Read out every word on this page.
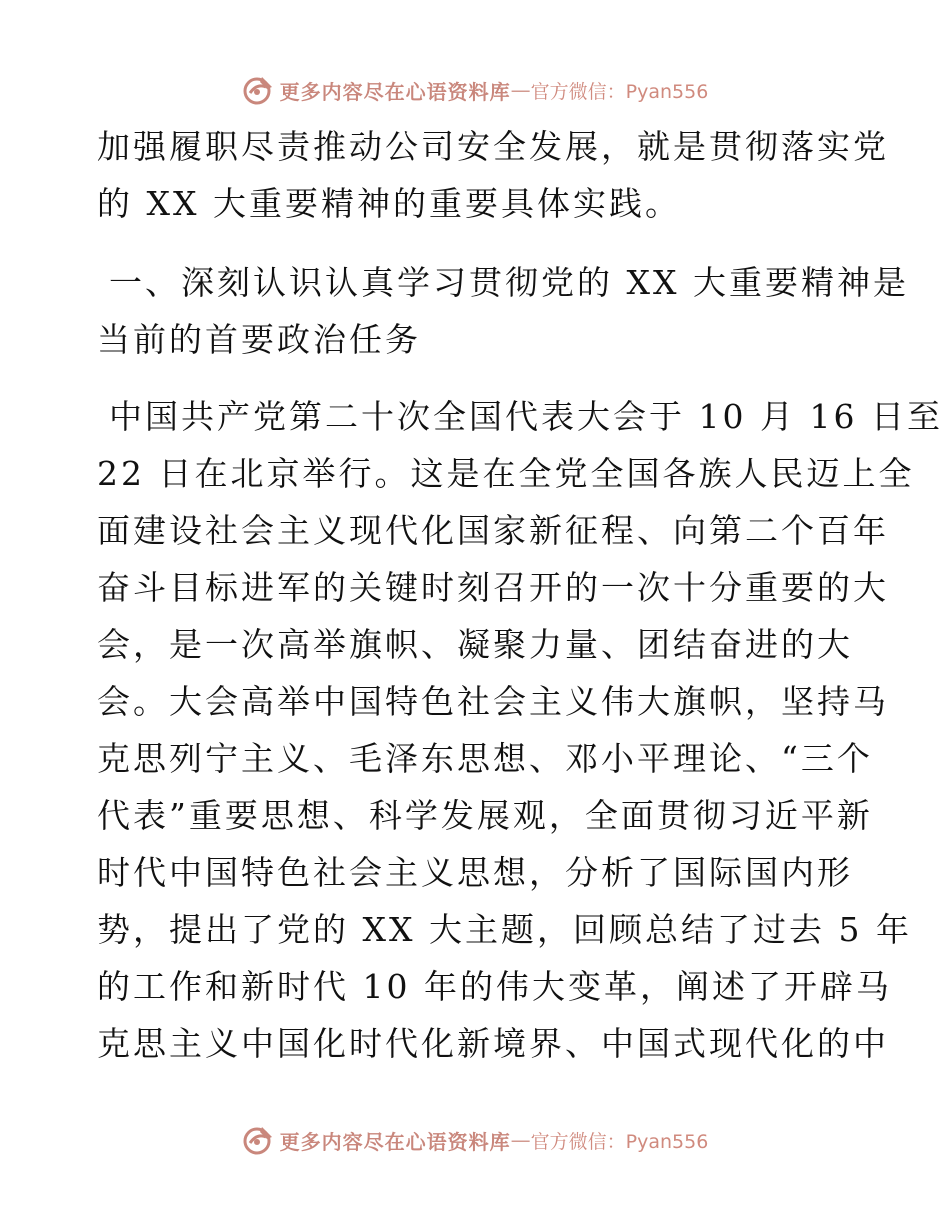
更多内容尽在心语资料库 — 官方微信：Pyan556
加强履职尽责推动公司安全发展，就是贯彻落实党
的 XX 大重要精神的重要具体实践。
一、深刻认识认真学习贯彻党的 XX 大重要精神是
当前的首要政治任务
中国共产党第二十次全国代表大会于 10 月 16 日至
22 日在北京举行。这是在全党全国各族人民迈上全
面建设社会主义现代化国家新征程、向第二个百年
奋斗目标进军的关键时刻召开的一次十分重要的大
会，是一次高举旗帜、凝聚力量、团结奋进的大
会。大会高举中国特色社会主义伟大旗帜，坚持马
克思列宁主义、毛泽东思想、邓小平理论、“三个
代表”重要思想、科学发展观，全面贯彻习近平新
时代中国特色社会主义思想，分析了国际国内形
势，提出了党的 XX 大主题，回顾总结了过去 5 年
的工作和新时代 10 年的伟大变革，阐述了开辟马
克思主义中国化时代化新境界、中国式现代化的中
更多内容尽在心语资料库 — 官方微信：Pyan556
